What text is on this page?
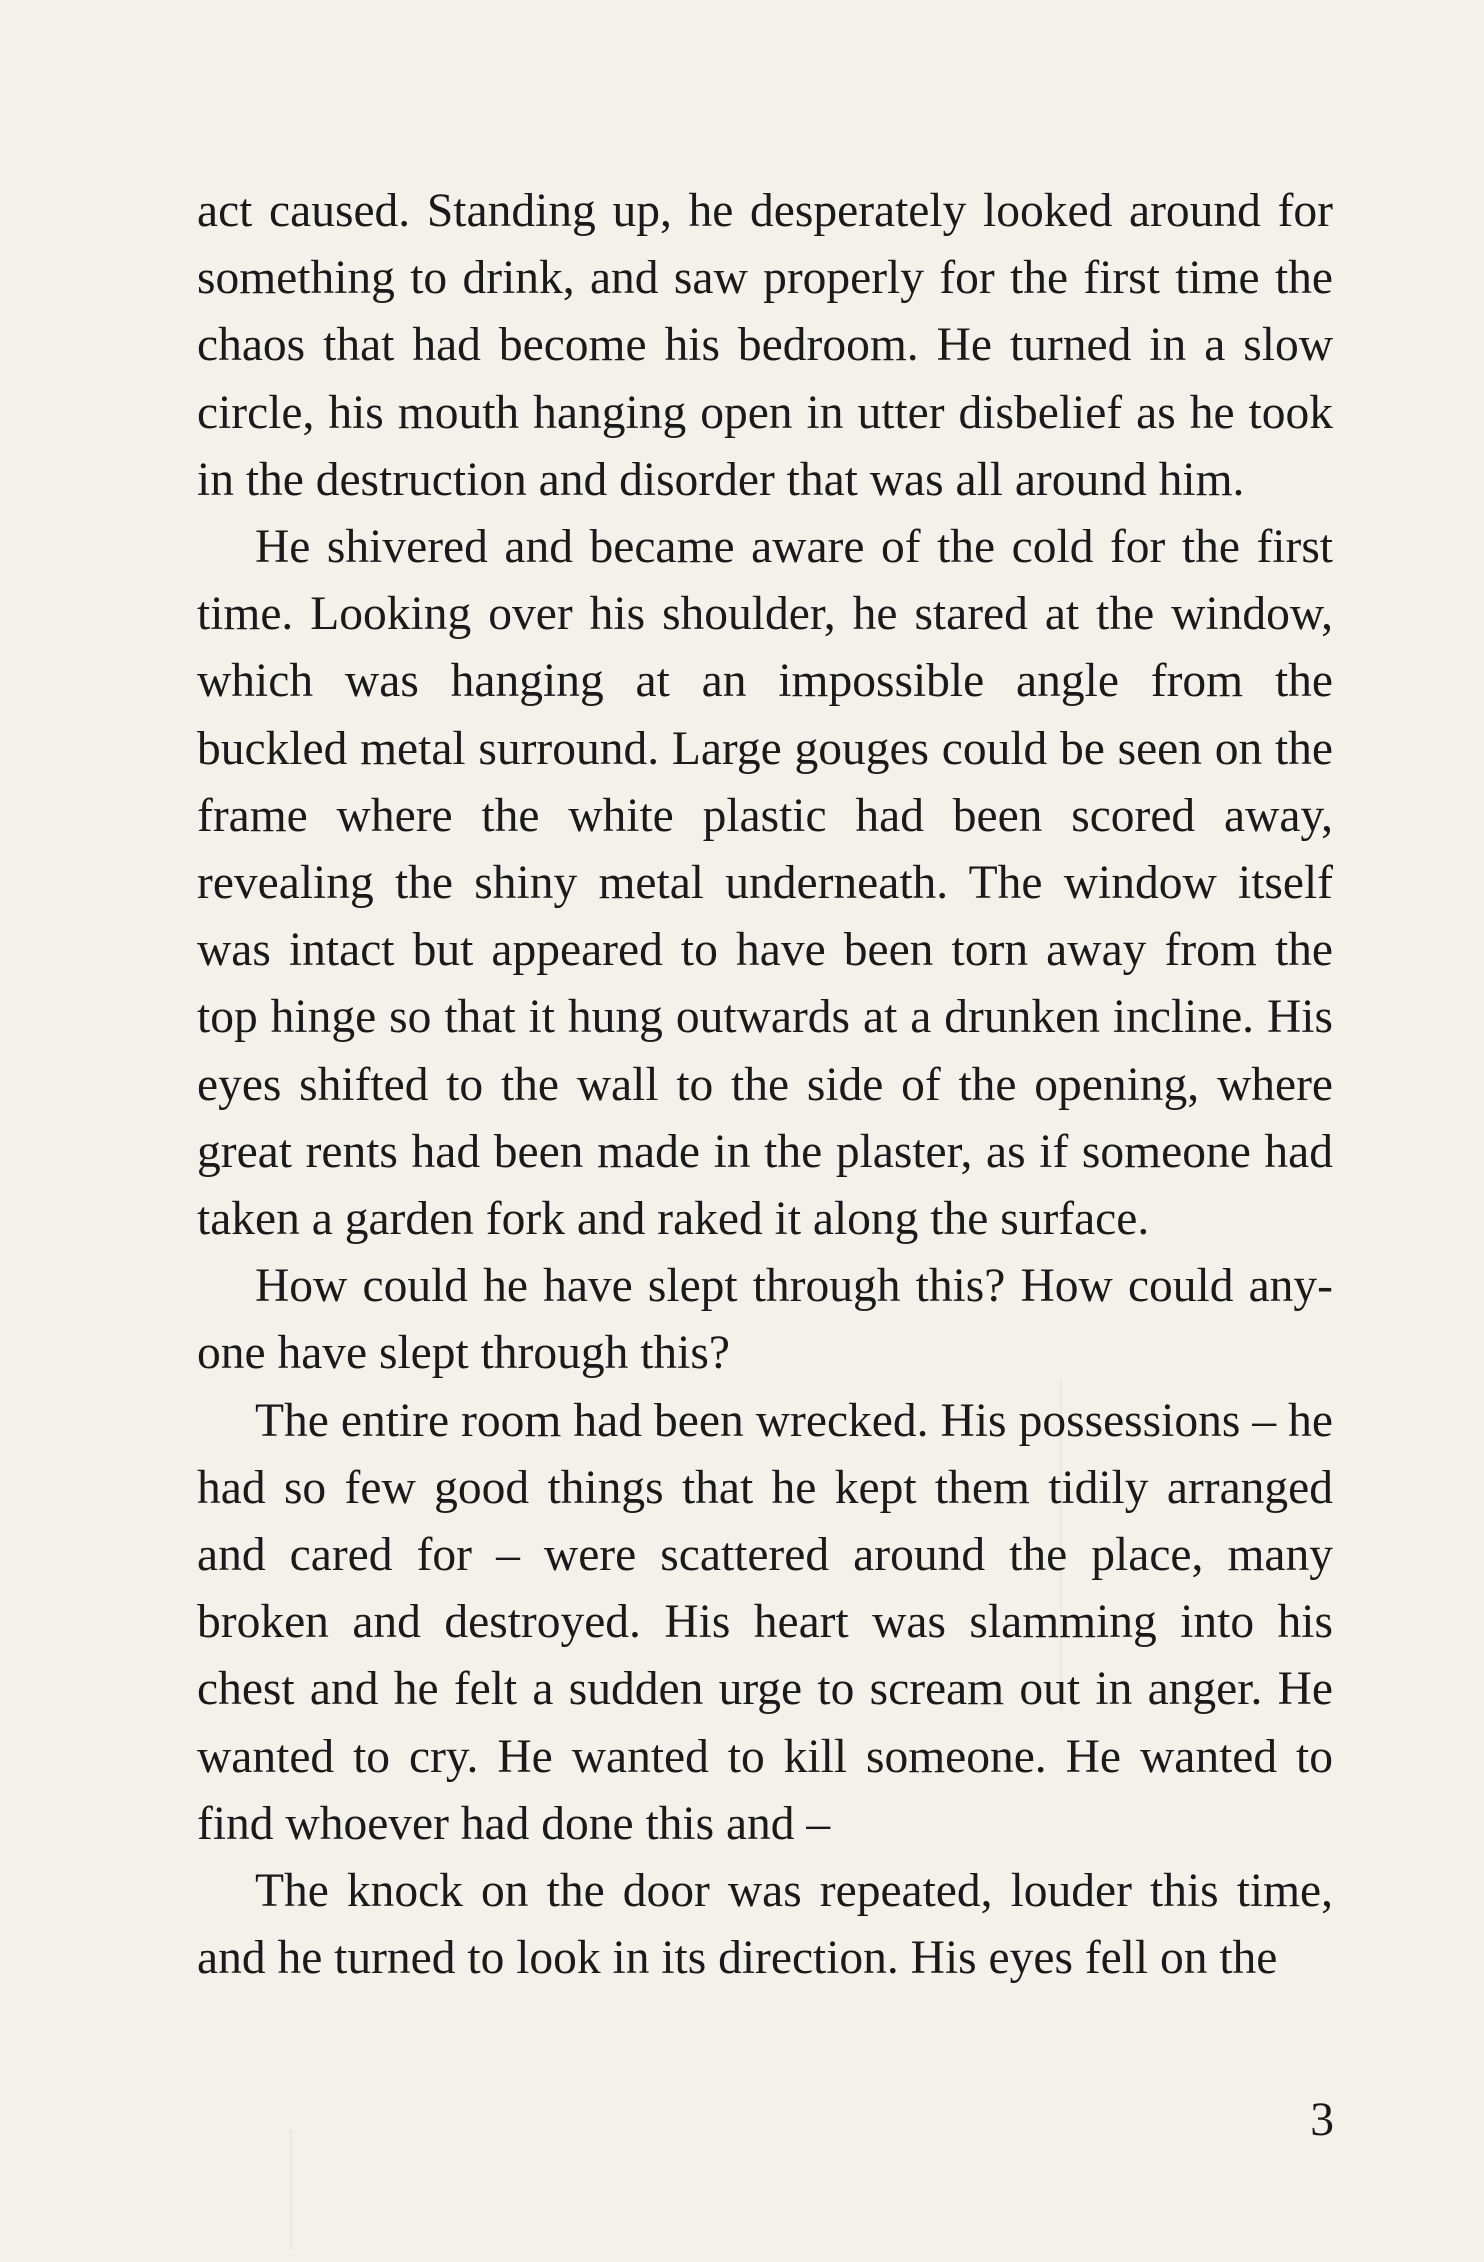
act caused. Standing up, he desperately looked around for something to drink, and saw properly for the first time the chaos that had become his bedroom. He turned in a slow circle, his mouth hanging open in utter disbelief as he took in the destruction and disorder that was all around him.

He shivered and became aware of the cold for the first time. Looking over his shoulder, he stared at the window, which was hanging at an impossible angle from the buckled metal surround. Large gouges could be seen on the frame where the white plastic had been scored away, revealing the shiny metal underneath. The window itself was intact but appeared to have been torn away from the top hinge so that it hung outwards at a drunken incline. His eyes shifted to the wall to the side of the opening, where great rents had been made in the plaster, as if someone had taken a garden fork and raked it along the surface.

How could he have slept through this? How could any-one have slept through this?

The entire room had been wrecked. His possessions – he had so few good things that he kept them tidily arranged and cared for – were scattered around the place, many broken and destroyed. His heart was slamming into his chest and he felt a sudden urge to scream out in anger. He wanted to cry. He wanted to kill someone. He wanted to find whoever had done this and –

The knock on the door was repeated, louder this time, and he turned to look in its direction. His eyes fell on the

3
